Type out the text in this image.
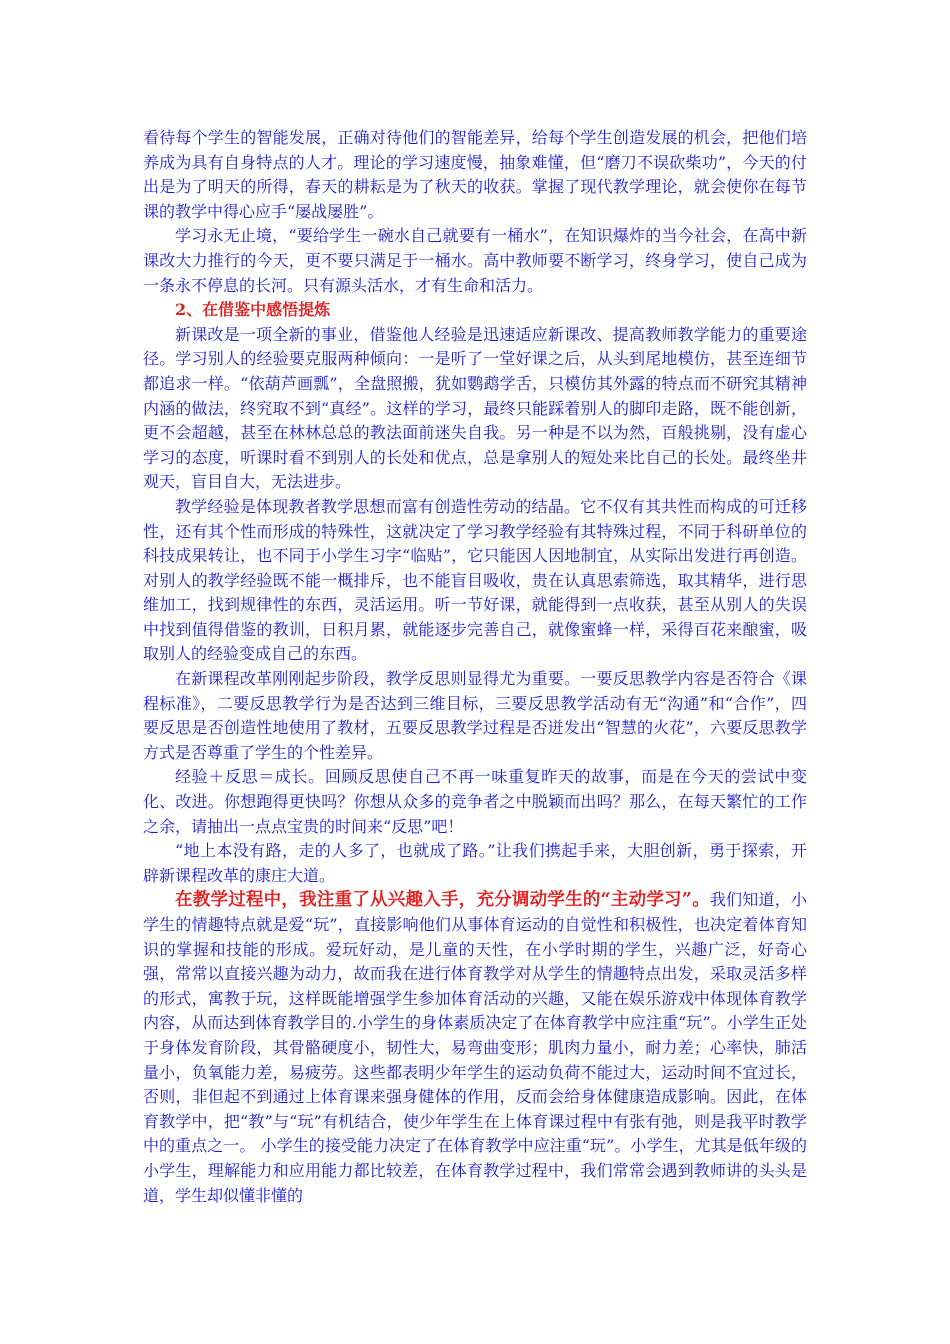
看待每个学生的智能发展，正确对待他们的智能差异，给每个学生创造发展的机会，把他们培养成为具有自身特点的人才。理论的学习速度慢，抽象难懂，但“磨刀不误砍柴功”，今天的付出是为了明天的所得，春天的耕耘是为了秋天的收获。掌握了现代教学理论，就会使你在每节课的教学中得心应手“屡战屡胜”。

学习永无止境，“要给学生一碗水自己就要有一桶水”，在知识爆炸的当今社会，在高中新课改大力推行的今天，更不要只满足于一桶水。高中教师要不断学习，终身学习，使自己成为一条永不停息的长河。只有源头活水，才有生命和活力。

2、在借鉴中感悟提炼

新课改是一项全新的事业，借鉴他人经验是迅速适应新课改、提高教师教学能力的重要途径。学习别人的经验要克服两种倾向：一是听了一堂好课之后，从头到尾地模仿，甚至连细节都追求一样。“依葫芦画瓢”，全盘照搬，犹如鹦鹉学舌，只模仿其外露的特点而不研究其精神内涵的做法，终究取不到“真经”。这样的学习，最终只能踩着别人的脚印走路，既不能创新，更不会超越，甚至在林林总总的教法面前迷失自我。另一种是不以为然，百般挑剔，没有虚心学习的态度，听课时看不到别人的长处和优点，总是拿别人的短处来比自己的长处。最终坐井观天，盲目自大，无法进步。

教学经验是体现教者教学思想而富有创造性劳动的结晶。它不仅有其共性而构成的可迁移性，还有其个性而形成的特殊性，这就决定了学习教学经验有其特殊过程，不同于科研单位的科技成果转让，也不同于小学生习字“临贴”，它只能因人因地制宜，从实际出发进行再创造。对别人的教学经验既不能一概排斥，也不能盲目吸收，贵在认真思索筛选，取其精华，进行思维加工，找到规律性的东西，灵活运用。听一节好课，就能得到一点收获，甚至从别人的失误中找到值得借鉴的教训，日积月累，就能逐步完善自己，就像蜜蜂一样，采得百花来酿蜜，吸取别人的经验变成自己的东西。

在新课程改革刚刚起步阶段，教学反思则显得尤为重要。一要反思教学内容是否符合《课程标准》，二要反思教学行为是否达到三维目标，三要反思教学活动有无“沟通”和“合作”，四要反思是否创造性地使用了教材，五要反思教学过程是否迸发出“智慧的火花”，六要反思教学方式是否尊重了学生的个性差异。

经验＋反思＝成长。回顾反思使自己不再一味重复昨天的故事，而是在今天的尝试中变化、改进。你想跑得更快吗？你想从众多的竞争者之中脱颖而出吗？那么，在每天繁忙的工作之余，请抽出一点点宝贵的时间来“反思”吧！

“地上本没有路，走的人多了，也就成了路。”让我们携起手来，大胆创新，勇于探索，开辟新课程改革的康庄大道。

在教学过程中，我注重了从兴趣入手，充分调动学生的“主动学习”。我们知道，小学生的情趣特点就是爱“玩”，直接影响他们从事体育运动的自觉性和积极性，也决定着体育知识的掌握和技能的形成。爱玩好动，是儿童的天性，在小学时期的学生，兴趣广泛，好奇心强，常常以直接兴趣为动力，故而我在进行体育教学对从学生的情趣特点出发，采取灵活多样的形式，寓教于玩，这样既能增强学生参加体育活动的兴趣，又能在娱乐游戏中体现体育教学内容，从而达到体育教学目的.小学生的身体素质决定了在体育教学中应注重“玩”。小学生正处于身体发育阶段，其骨骼硬度小，韧性大，易弯曲变形；肌肉力量小，耐力差；心率快，肺活量小，负氧能力差，易疲劳。这些都表明少年学生的运动负荷不能过大，运动时间不宜过长，否则，非但起不到通过上体育课来强身健体的作用，反而会给身体健康造成影响。因此，在体育教学中，把“教”与“玩”有机结合，使少年学生在上体育课过程中有张有弛，则是我平时教学中的重点之一。 小学生的接受能力决定了在体育教学中应注重“玩”。小学生，尤其是低年级的小学生，理解能力和应用能力都比较差，在体育教学过程中，我们常常会遇到教师讲的头头是道，学生却似懂非懂的
